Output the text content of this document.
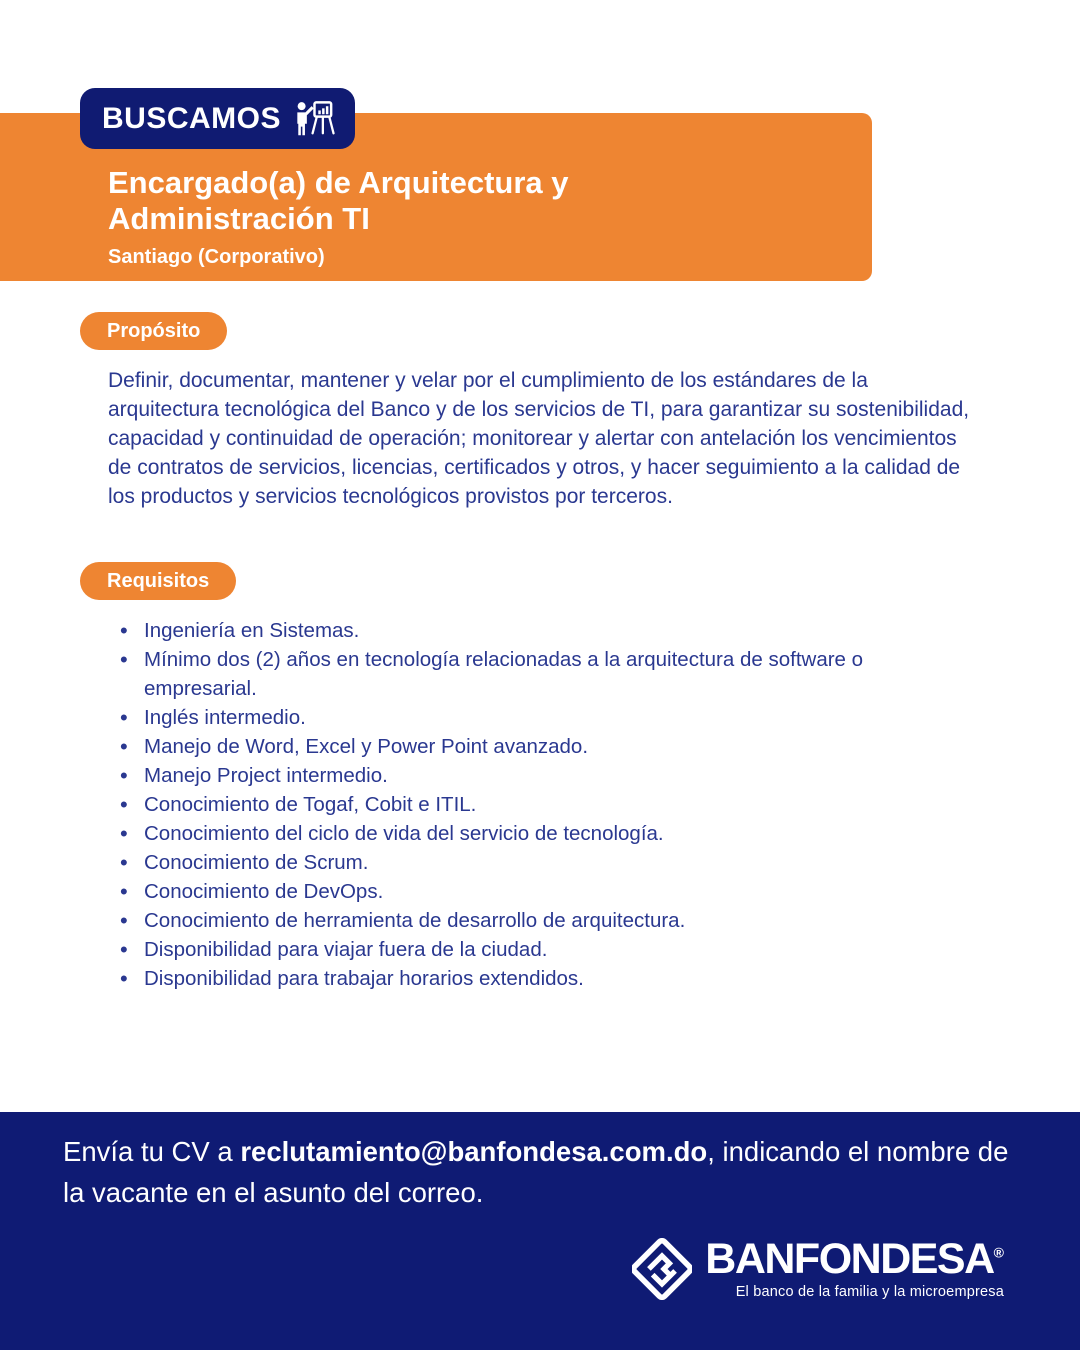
BUSCAMOS
Encargado(a) de Arquitectura y Administración TI
Santiago (Corporativo)
Propósito

Definir, documentar, mantener y velar por el cumplimiento de los estándares de la arquitectura tecnológica del Banco y de los servicios de TI, para garantizar su sostenibilidad, capacidad y continuidad de operación; monitorear y alertar con antelación los vencimientos de contratos de servicios, licencias, certificados y otros, y hacer seguimiento a la calidad de los productos y servicios tecnológicos provistos por terceros.

Requisitos
• Ingeniería en Sistemas.
• Mínimo dos (2) años en tecnología relacionadas a la arquitectura de software o empresarial.
• Inglés intermedio.
• Manejo de Word, Excel y Power Point avanzado.
• Manejo Project intermedio.
• Conocimiento de Togaf, Cobit e ITIL.
• Conocimiento del ciclo de vida del servicio de tecnología.
• Conocimiento de Scrum.
• Conocimiento de DevOps.
• Conocimiento de herramienta de desarrollo de arquitectura.
• Disponibilidad para viajar fuera de la ciudad.
• Disponibilidad para trabajar horarios extendidos.

Envía tu CV a reclutamiento@banfondesa.com.do, indicando el nombre de la vacante en el asunto del correo.

BANFONDESA®
El banco de la familia y la microempresa
